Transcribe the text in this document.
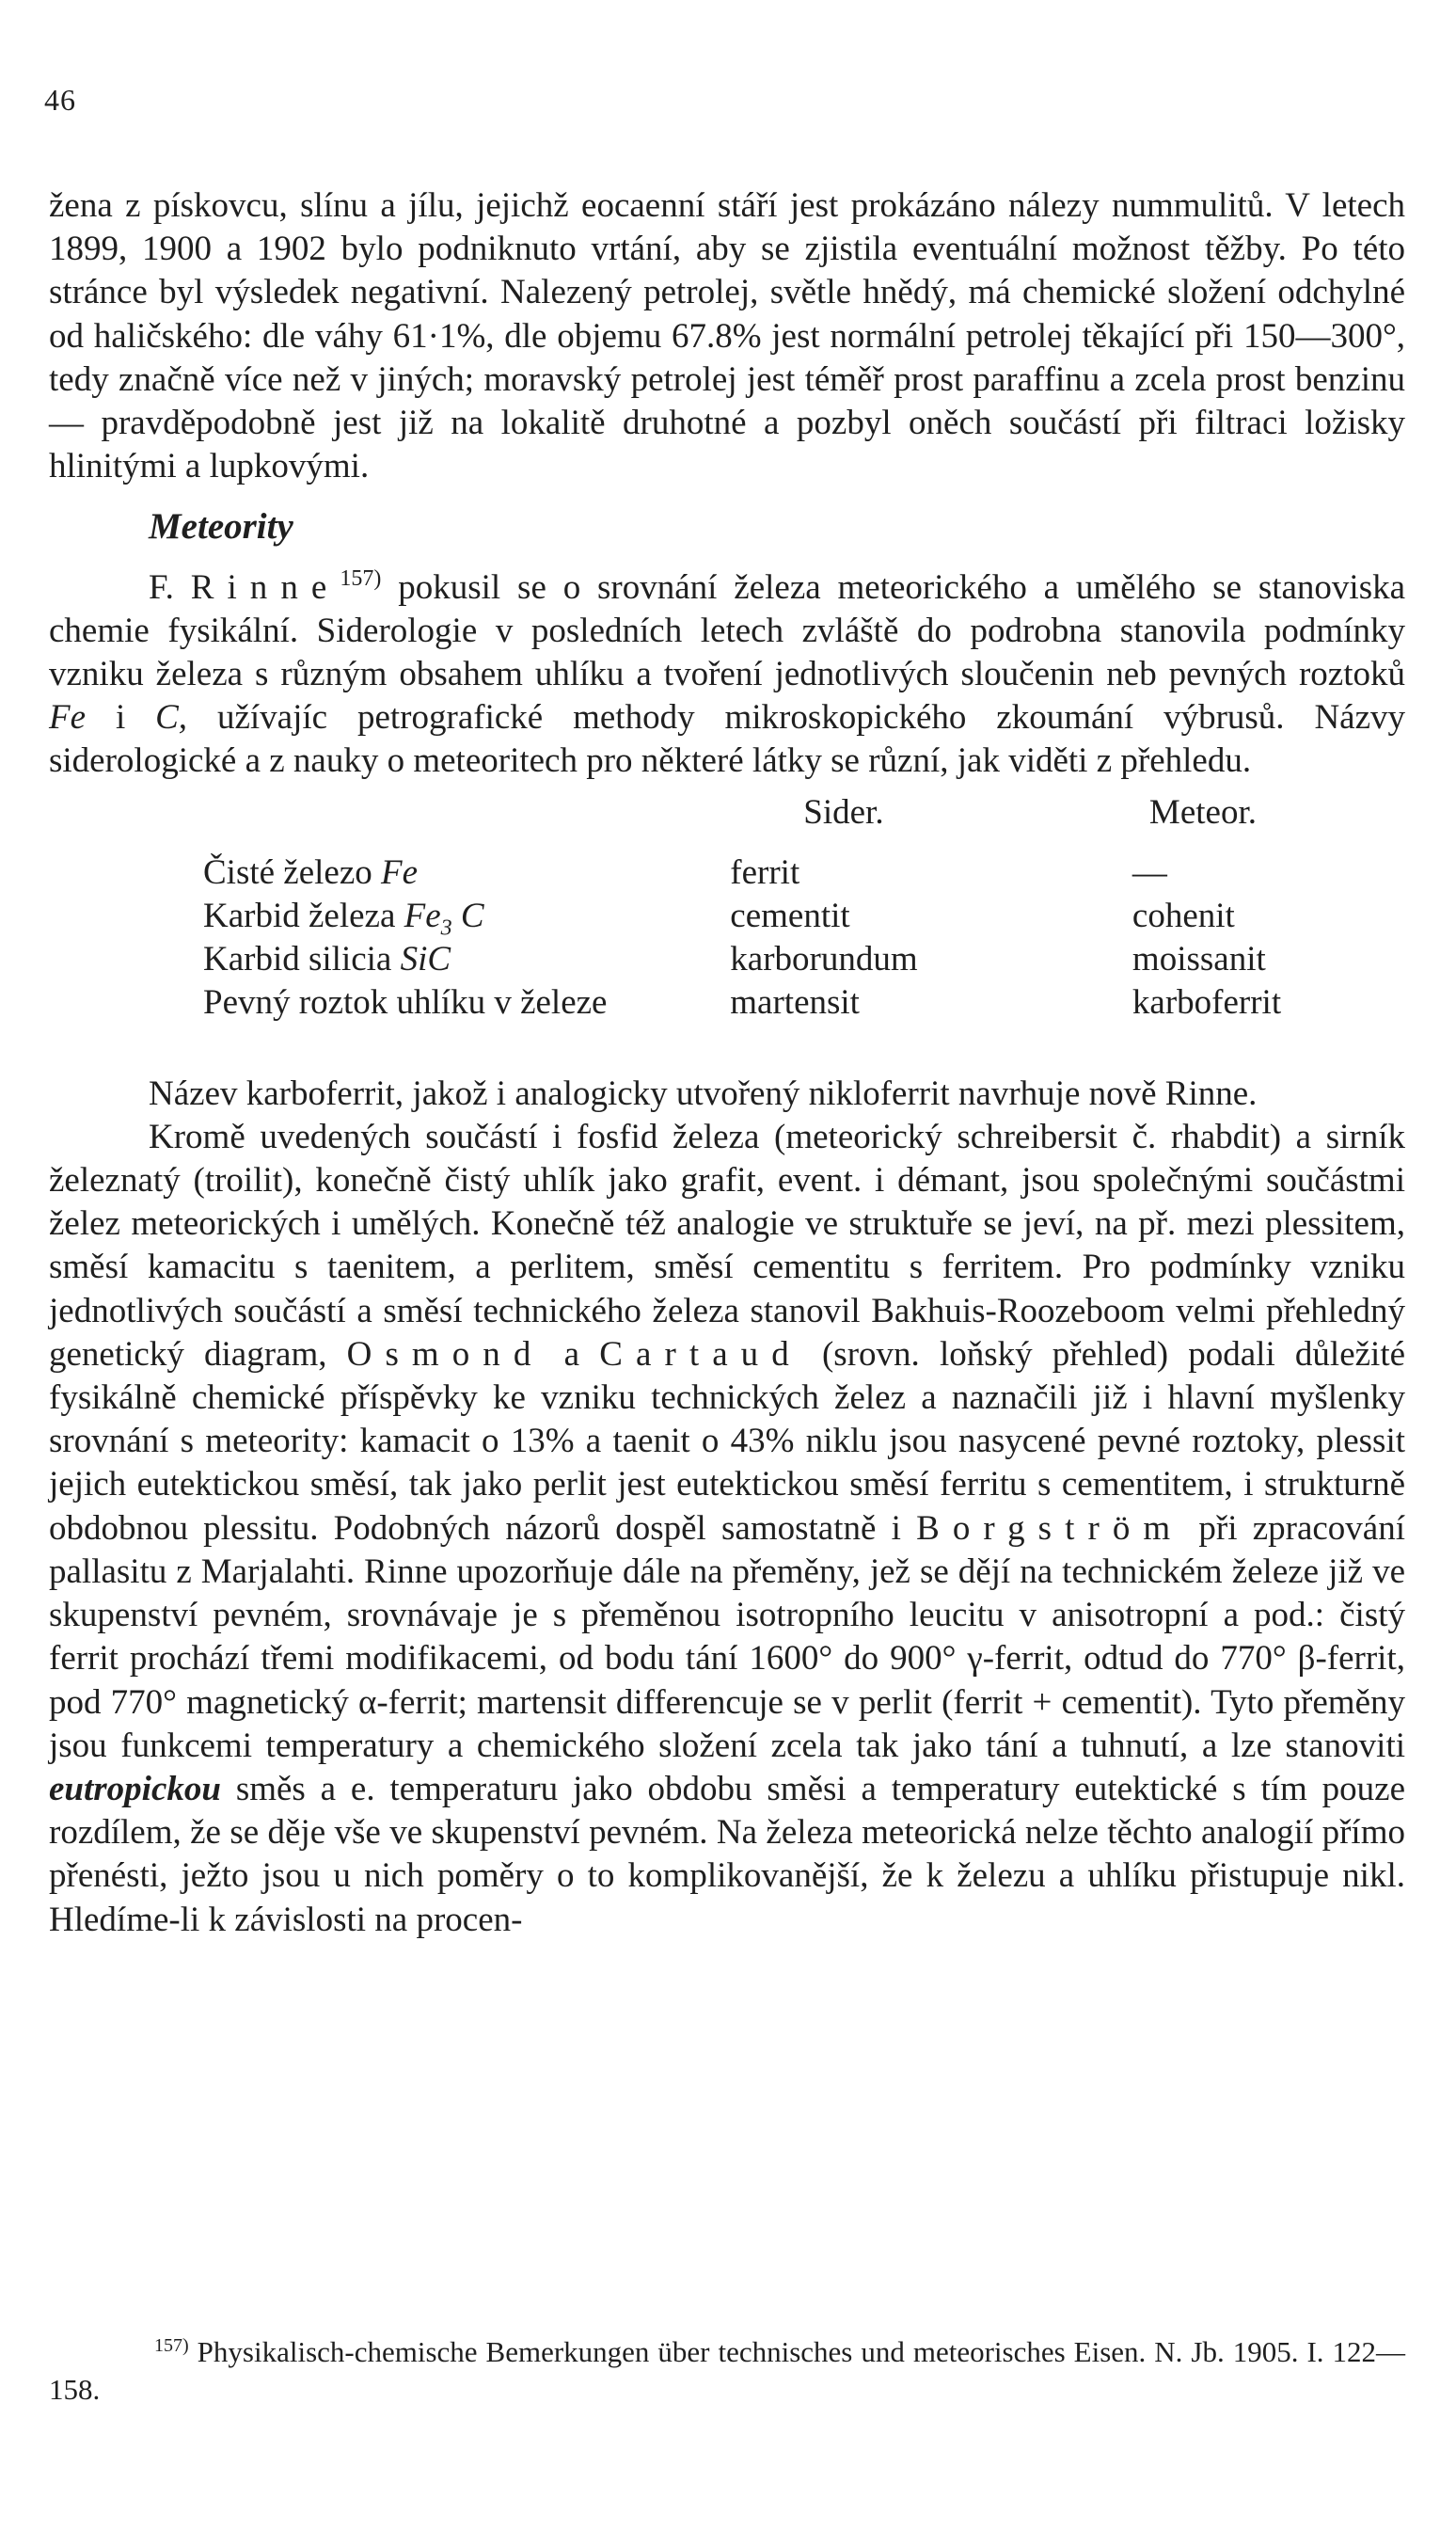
46

žena z pískovcu, slínu a jílu, jejichž eocaenní stáří jest prokázáno nálezy nummulitů. V letech 1899, 1900 a 1902 bylo podniknuto vrtání, aby se zjistila eventuální možnost těžby. Po této stránce byl výsledek negativní. Nalezený petrolej, světle hnědý, má chemické složení odchylné od haličského: dle váhy 61·1%, dle objemu 67.8% jest normální petrolej těkající při 150—300°, tedy značně více než v jiných; moravský petrolej jest téměř prost paraffinu a zcela prost benzinu — pravděpodobně jest již na lokalitě druhotné a pozbyl oněch součástí při filtraci ložisky hlinitými a lupkovými.

Meteority

F. Rinne$^{157)}$ pokusil se o srovnání železa meteorického a umělého se stanoviska chemie fysikální. Siderologie v posledních letech zvláště do podrobna stanovila podmínky vzniku železa s různým obsahem uhlíku a tvoření jednotlivých sloučenin neb pevných roztoků Fe i C, užívajíc petrografické methody mikroskopického zkoumání výbrusů. Názvy siderologické a z nauky o meteoritech pro některé látky se různí, jak viděti z přehledu.

	Sider.	Meteor.
Čisté železo Fe	ferrit	—
Karbid železa $Fe_3$ C	cementit	cohenit
Karbid silicia SiC	karborundum	moissanit
Pevný roztok uhlíku v železe	martensit	karboferrit

Název karboferrit, jakož i analogicky utvořený nikloferrit navrhuje nově Rinne.

Kromě uvedených součástí i fosfid železa (meteorický schreibersit č. rhabdit) a sirník železnatý (troilit), konečně čistý uhlík jako grafit, event. i démant, jsou společnými součástmi želez meteorických i umělých. Konečně též analogie ve struktuře se jeví, na př. mezi plessitem, směsí kamacitu s taenitem, a perlitem, směsí cementitu s ferritem. Pro podmínky vzniku jednotlivých součástí a směsí technického železa stanovil Bakhuis-Roozeboom velmi přehledný genetický diagram, Osmond a Cartaud (srovn. loňský přehled) podali důležité fysikálně chemické příspěvky ke vzniku technických želez a naznačili již i hlavní myšlenky srovnání s meteority: kamacit o 13% a taenit o 43% niklu jsou nasycené pevné roztoky, plessit jejich eutektickou směsí, tak jako perlit jest eutektickou směsí ferritu s cementitem, i strukturně obdobnou plessitu. Podobných názorů dospěl samostatně i Borgström při zpracování pallasitu z Marjalahti. Rinne upozorňuje dále na přeměny, jež se dějí na technickém železe již ve skupenství pevném, srovnávaje je s přeměnou isotropního leucitu v anisotropní a pod.: čistý ferrit prochází třemi modifikacemi, od bodu tání 1600° do 900° γ-ferrit, odtud do 770° β-ferrit, pod 770° magnetický α-ferrit; martensit differencuje se v perlit (ferrit + cementit). Tyto přeměny jsou funkcemi temperatury a chemického složení zcela tak jako tání a tuhnutí, a lze stanoviti eutropickou směs a e. temperaturu jako obdobu směsi a temperatury eutektické s tím pouze rozdílem, že se děje vše ve skupenství pevném. Na železa meteorická nelze těchto analogií přímo přenésti, ježto jsou u nich poměry o to komplikovanější, že k železu a uhlíku přistupuje nikl. Hledíme-li k závislosti na procen-

$^{157)}$ Physikalisch-chemische Bemerkungen über technisches und meteorisches Eisen. N. Jb. 1905. I. 122—158.
